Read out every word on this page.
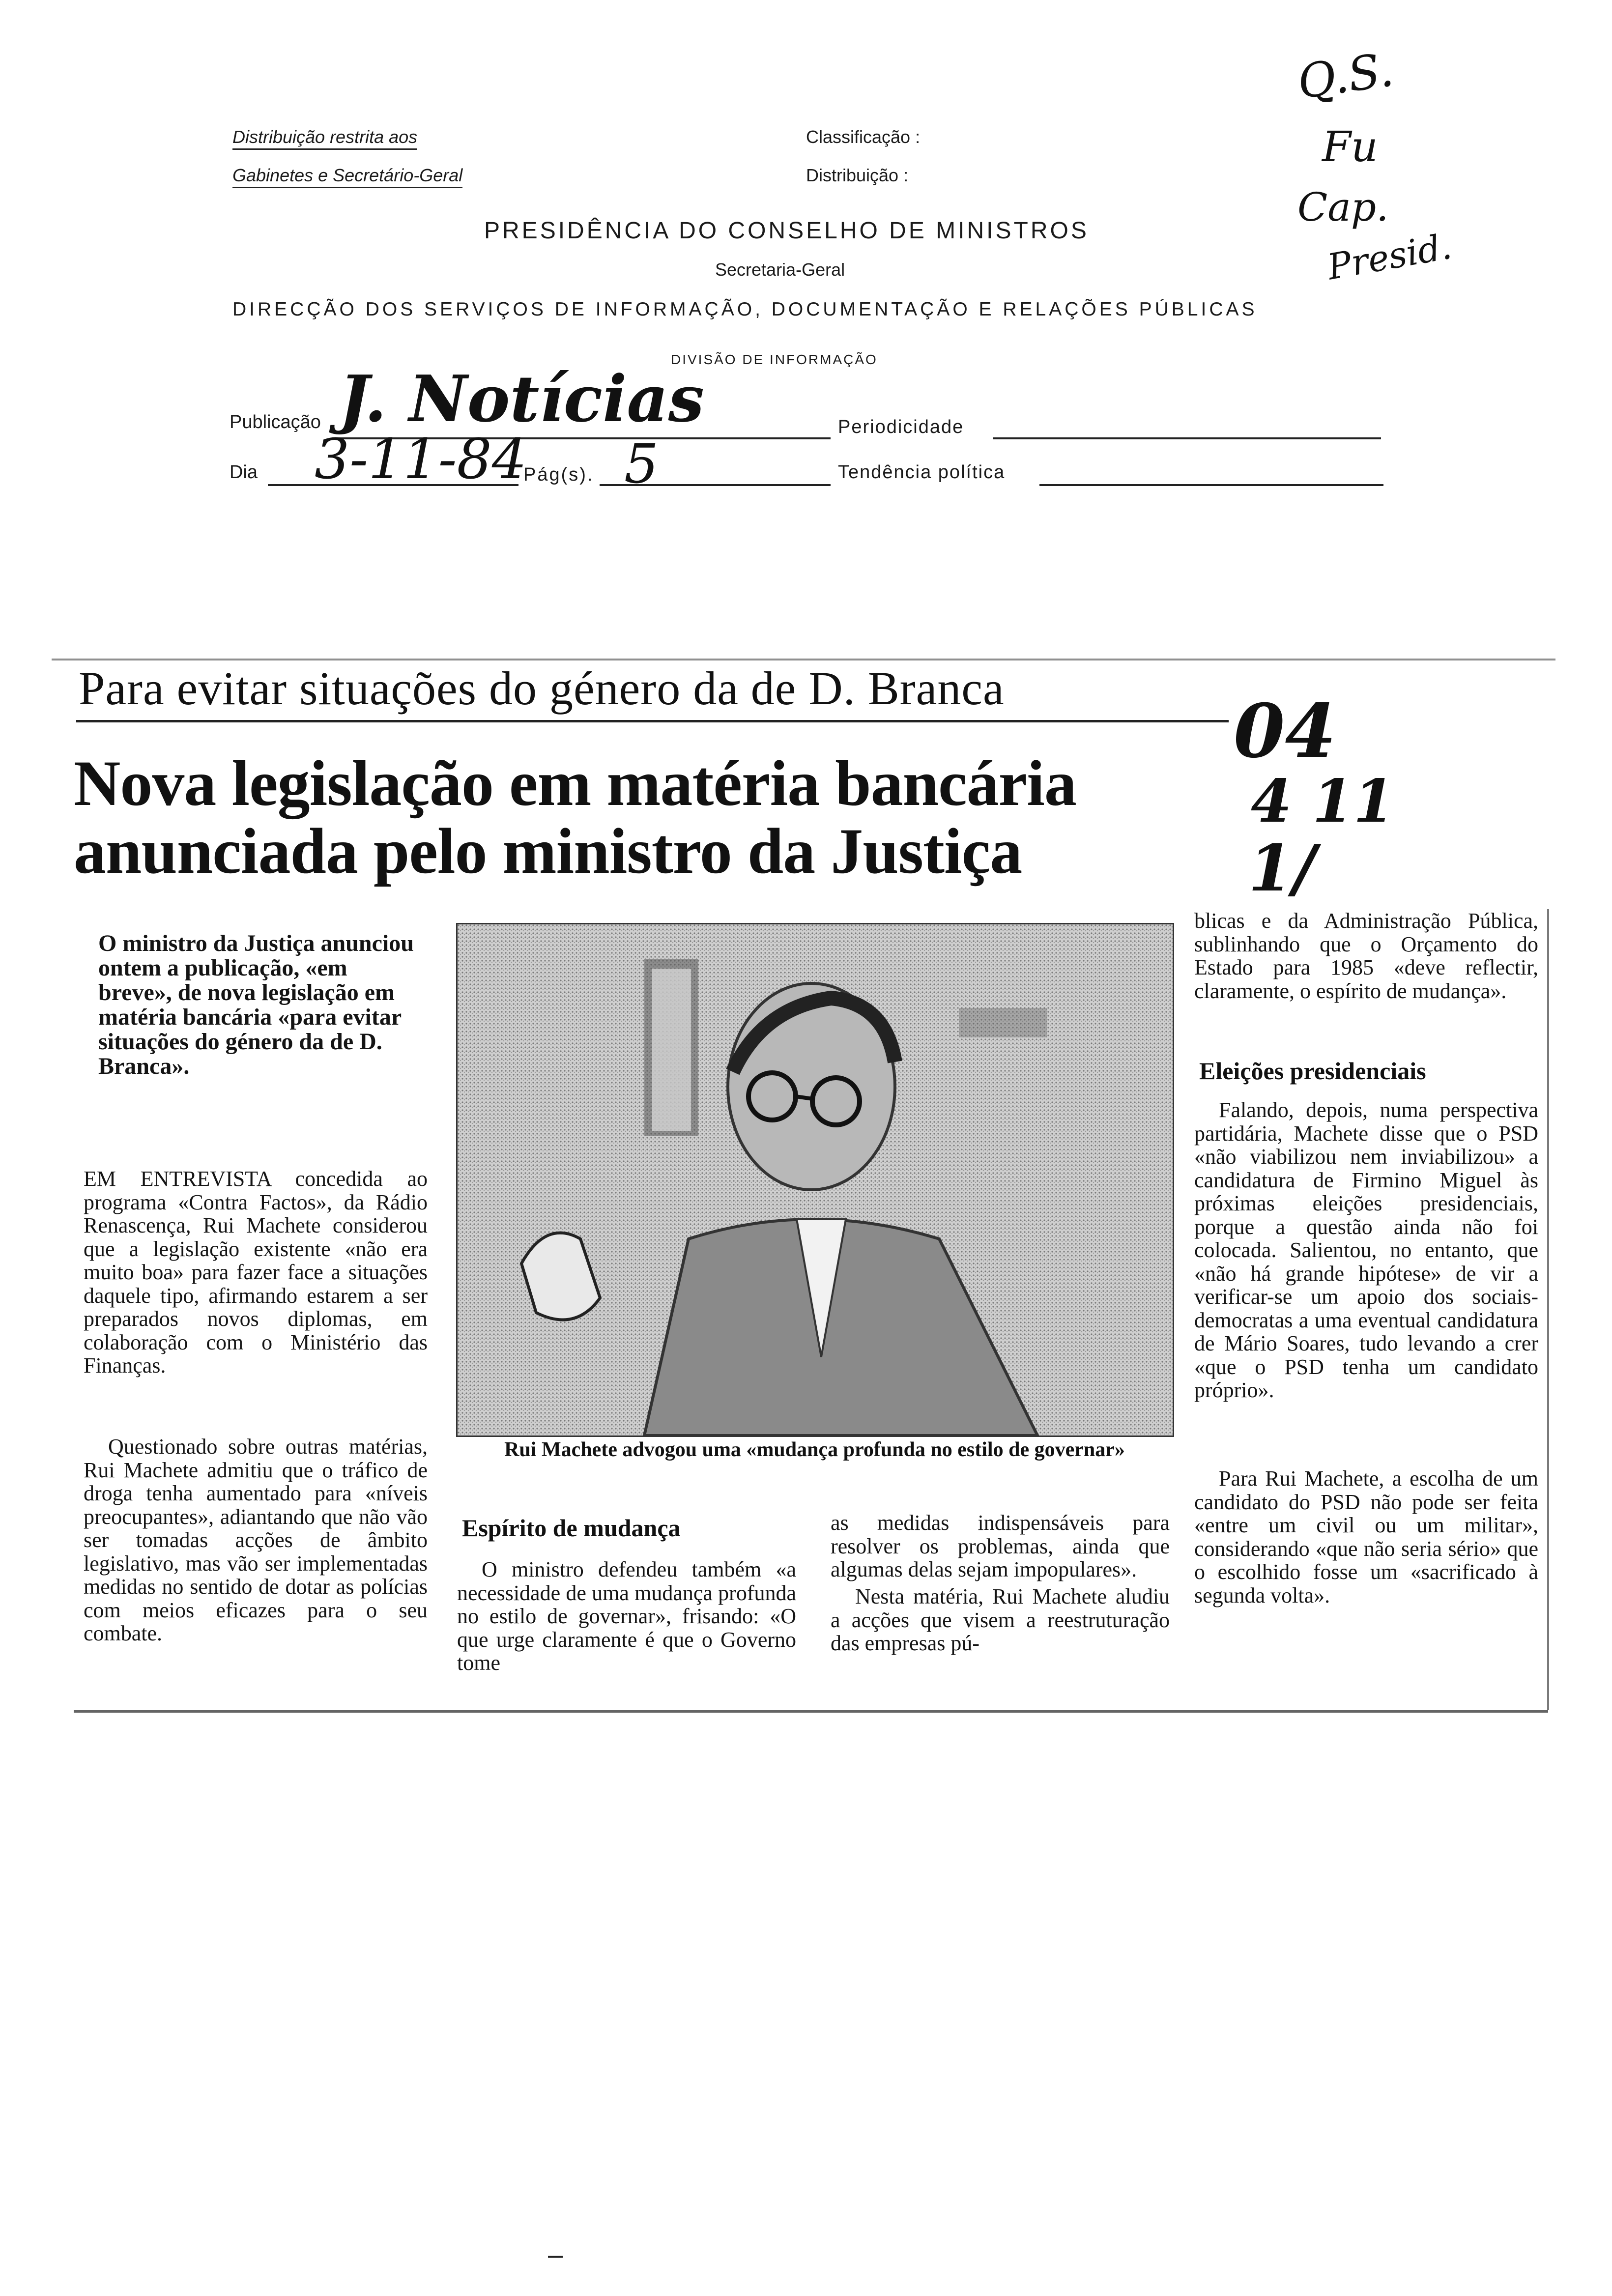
Distribuição restrita aos
Gabinetes e Secretário-Geral
Classificação :
Distribuição :
PRESIDÊNCIA DO CONSELHO DE MINISTROS
Secretaria-Geral
DIRECÇÃO DOS SERVIÇOS DE INFORMAÇÃO, DOCUMENTAÇÃO E RELAÇÕES PÚBLICAS
DIVISÃO DE INFORMAÇÃO
Publicação J. Notícias	Periodicidade
Dia 3-11-84
Pág(s). 5	Tendência política
Q.S.
Fu
Cap.
Presid.
Para evitar situações do género da de D. Branca
Nova legislação em matéria bancária
anunciada pelo ministro da Justiça
04
4 11
1/
O ministro da Justiça anunciou ontem a publicação, «em breve», de nova legislação em matéria bancária «para evitar situações do género da de D. Branca».
EM ENTREVISTA concedida ao programa «Contra Factos», da Rádio Renascença, Rui Machete considerou que a legislação existente «não era muito boa» para fazer face a situações daquele tipo, afirmando estarem a ser preparados novos diplomas, em colaboração com o Ministério das Finanças.
Questionado sobre outras matérias, Rui Machete admitiu que o tráfico de droga tenha aumentado para «níveis preocupantes», adiantando que não vão ser tomadas acções de âmbito legislativo, mas vão ser implementadas medidas no sentido de dotar as polícias com meios eficazes para o seu combate.
Rui Machete advogou uma «mudança profunda no estilo de governar»
Espírito de mudança
O ministro defendeu também «a necessidade de uma mudança profunda no estilo de governar», frisando: «O que urge claramente é que o Governo tome
as medidas indispensáveis para resolver os problemas, ainda que algumas delas sejam impopulares».
Nesta matéria, Rui Machete aludiu a acções que visem a reestruturação das empresas pú-
blicas e da Administração Pública, sublinhando que o Orçamento do Estado para 1985 «deve reflectir, claramente, o espírito de mudança».
Eleições presidenciais
Falando, depois, numa perspectiva partidária, Machete disse que o PSD «não viabilizou nem inviabilizou» a candidatura de Firmino Miguel às próximas eleições presidenciais, porque a questão ainda não foi colocada. Salientou, no entanto, que «não há grande hipótese» de vir a verificar-se um apoio dos sociais-democratas a uma eventual candidatura de Mário Soares, tudo levando a crer «que o PSD tenha um candidato próprio».
Para Rui Machete, a escolha de um candidato do PSD não pode ser feita «entre um civil ou um militar», considerando «que não seria sério» que o escolhido fosse um «sacrificado à segunda volta».
